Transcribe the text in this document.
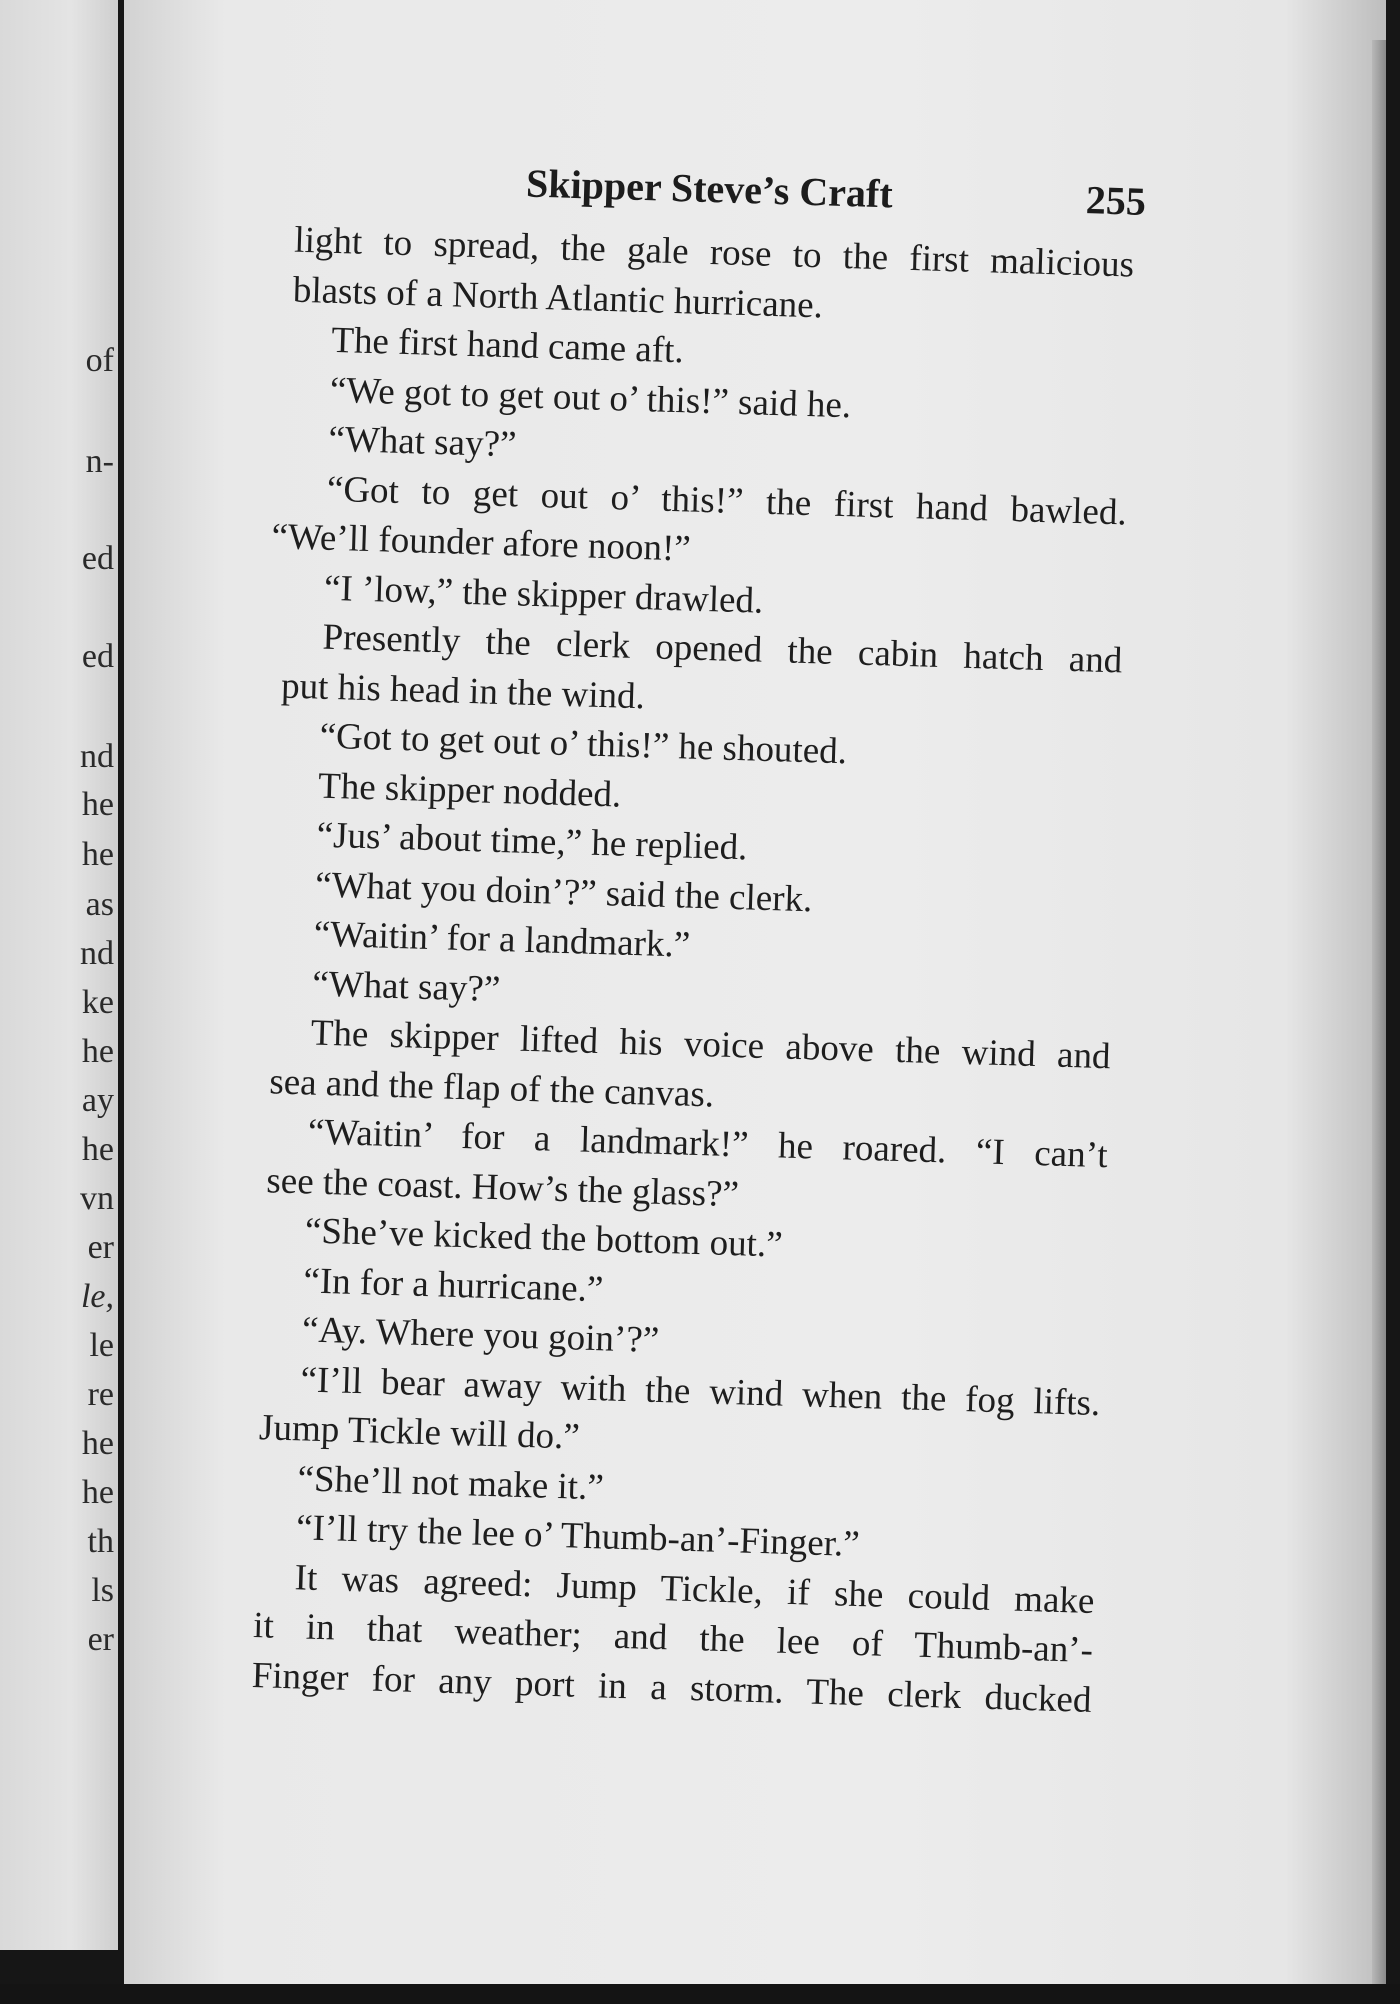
of
n-
ed
ed
nd
he
he
as
nd
ke
he
ay
he
vn
er
le,
le
re
he
he
th
ls
er
Skipper Steve’s Craft	255
light to spread, the gale rose to the first malicious
blasts of a North Atlantic hurricane.
The first hand came aft.
“We got to get out o’ this!” said he.
“What say?”
“Got to get out o’ this!” the first hand bawled.
“We’ll founder afore noon!”
“I ’low,” the skipper drawled.
Presently the clerk opened the cabin hatch and
put his head in the wind.
“Got to get out o’ this!” he shouted.
The skipper nodded.
“Jus’ about time,” he replied.
“What you doin’?” said the clerk.
“Waitin’ for a landmark.”
“What say?”
The skipper lifted his voice above the wind and
sea and the flap of the canvas.
“Waitin’ for a landmark!” he roared. “I can’t
see the coast. How’s the glass?”
“She’ve kicked the bottom out.”
“In for a hurricane.”
“Ay. Where you goin’?”
“I’ll bear away with the wind when the fog lifts.
Jump Tickle will do.”
“She’ll not make it.”
“I’ll try the lee o’ Thumb-an’-Finger.”
It was agreed: Jump Tickle, if she could make
it in that weather; and the lee of Thumb-an’-
Finger for any port in a storm. The clerk ducked
